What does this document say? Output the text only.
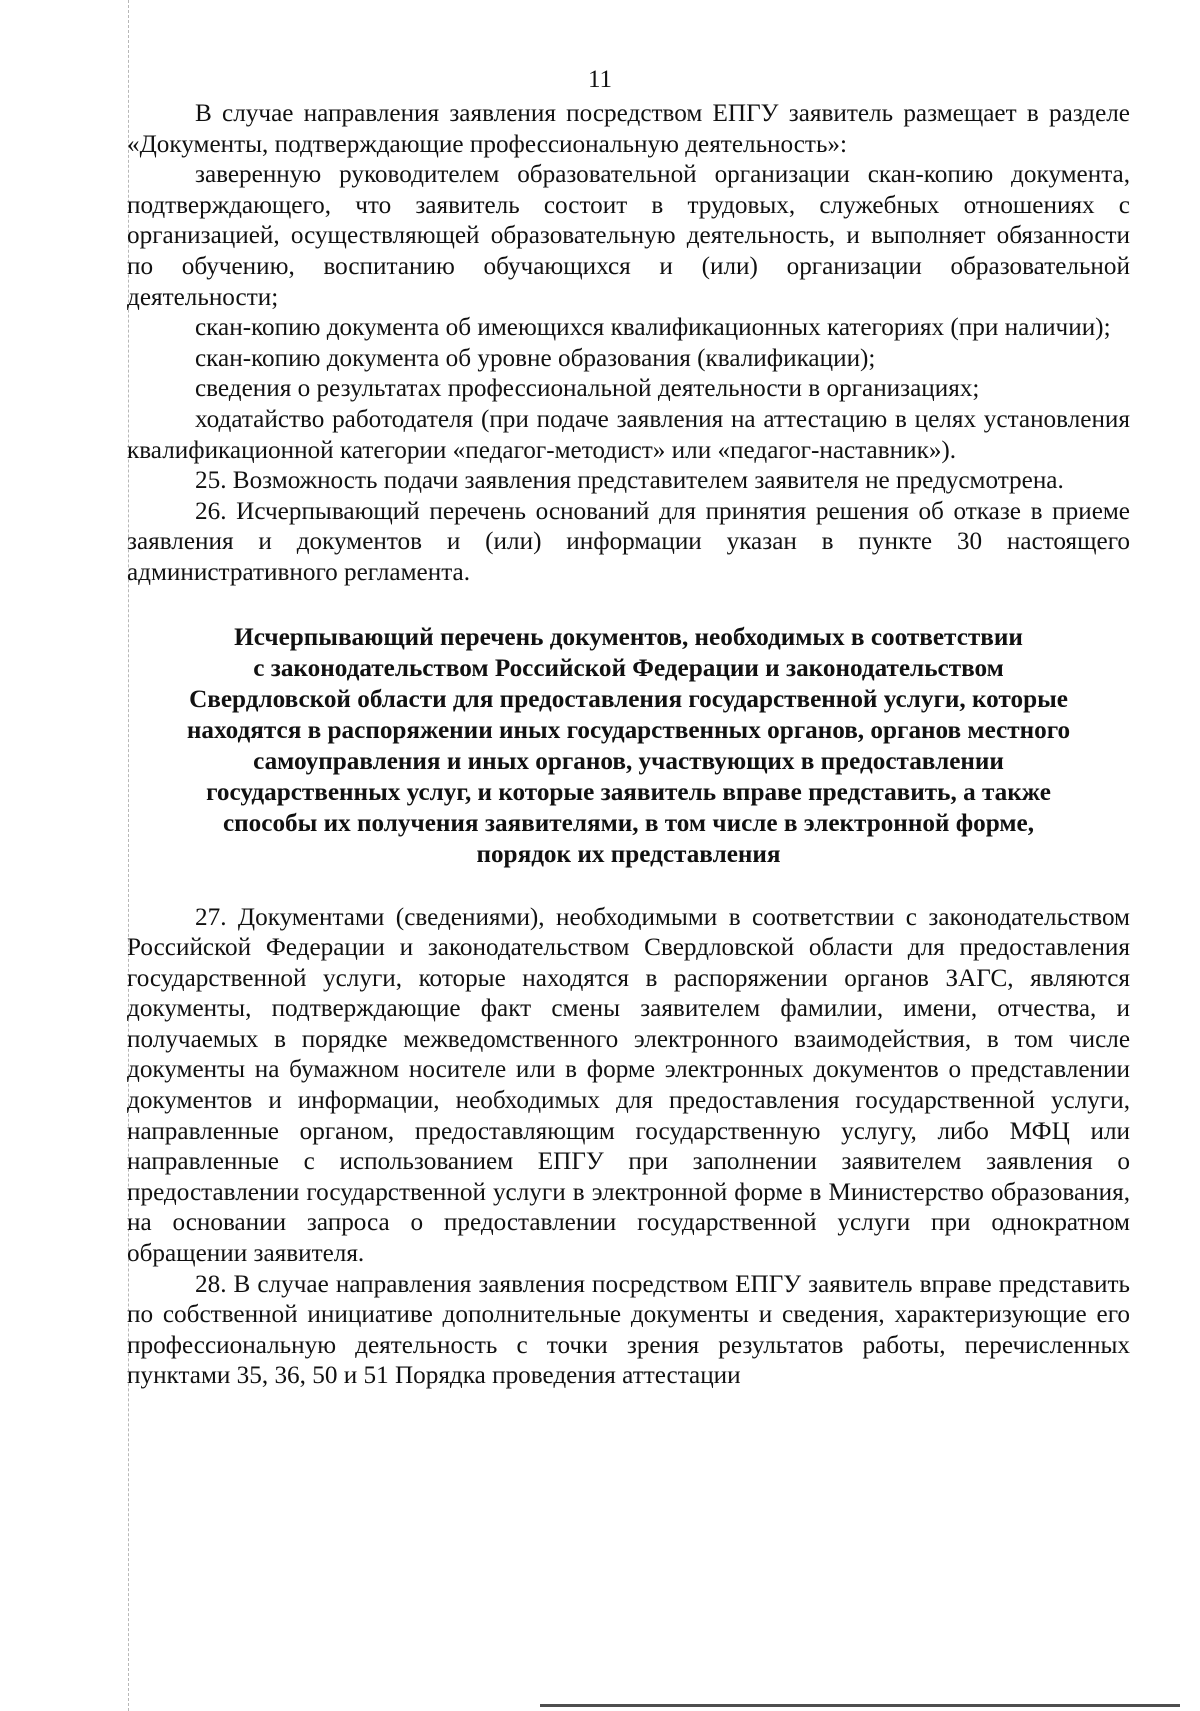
11

В случае направления заявления посредством ЕПГУ заявитель размещает в разделе «Документы, подтверждающие профессиональную деятельность»:

заверенную руководителем образовательной организации скан-копию документа, подтверждающего, что заявитель состоит в трудовых, служебных отношениях с организацией, осуществляющей образовательную деятельность, и выполняет обязанности по обучению, воспитанию обучающихся и (или) организации образовательной деятельности;

скан-копию документа об имеющихся квалификационных категориях (при наличии);

скан-копию документа об уровне образования (квалификации);

сведения о результатах профессиональной деятельности в организациях;

ходатайство работодателя (при подаче заявления на аттестацию в целях установления квалификационной категории «педагог-методист» или «педагог-наставник»).

25. Возможность подачи заявления представителем заявителя не предусмотрена.

26. Исчерпывающий перечень оснований для принятия решения об отказе в приеме заявления и документов и (или) информации указан в пункте 30 настоящего административного регламента.

Исчерпывающий перечень документов, необходимых в соответствии
с законодательством Российской Федерации и законодательством
Свердловской области для предоставления государственной услуги, которые
находятся в распоряжении иных государственных органов, органов местного
самоуправления и иных органов, участвующих в предоставлении
государственных услуг, и которые заявитель вправе представить, а также
способы их получения заявителями, в том числе в электронной форме,
порядок их представления

27. Документами (сведениями), необходимыми в соответствии с законодательством Российской Федерации и законодательством Свердловской области для предоставления государственной услуги, которые находятся в распоряжении органов ЗАГС, являются документы, подтверждающие факт смены заявителем фамилии, имени, отчества, и получаемых в порядке межведомственного электронного взаимодействия, в том числе документы на бумажном носителе или в форме электронных документов о представлении документов и информации, необходимых для предоставления государственной услуги, направленные органом, предоставляющим государственную услугу, либо МФЦ или направленные с использованием ЕПГУ при заполнении заявителем заявления о предоставлении государственной услуги в электронной форме в Министерство образования, на основании запроса о предоставлении государственной услуги при однократном обращении заявителя.

28. В случае направления заявления посредством ЕПГУ заявитель вправе представить по собственной инициативе дополнительные документы и сведения, характеризующие его профессиональную деятельность с точки зрения результатов работы, перечисленных пунктами 35, 36, 50 и 51 Порядка проведения аттестации
